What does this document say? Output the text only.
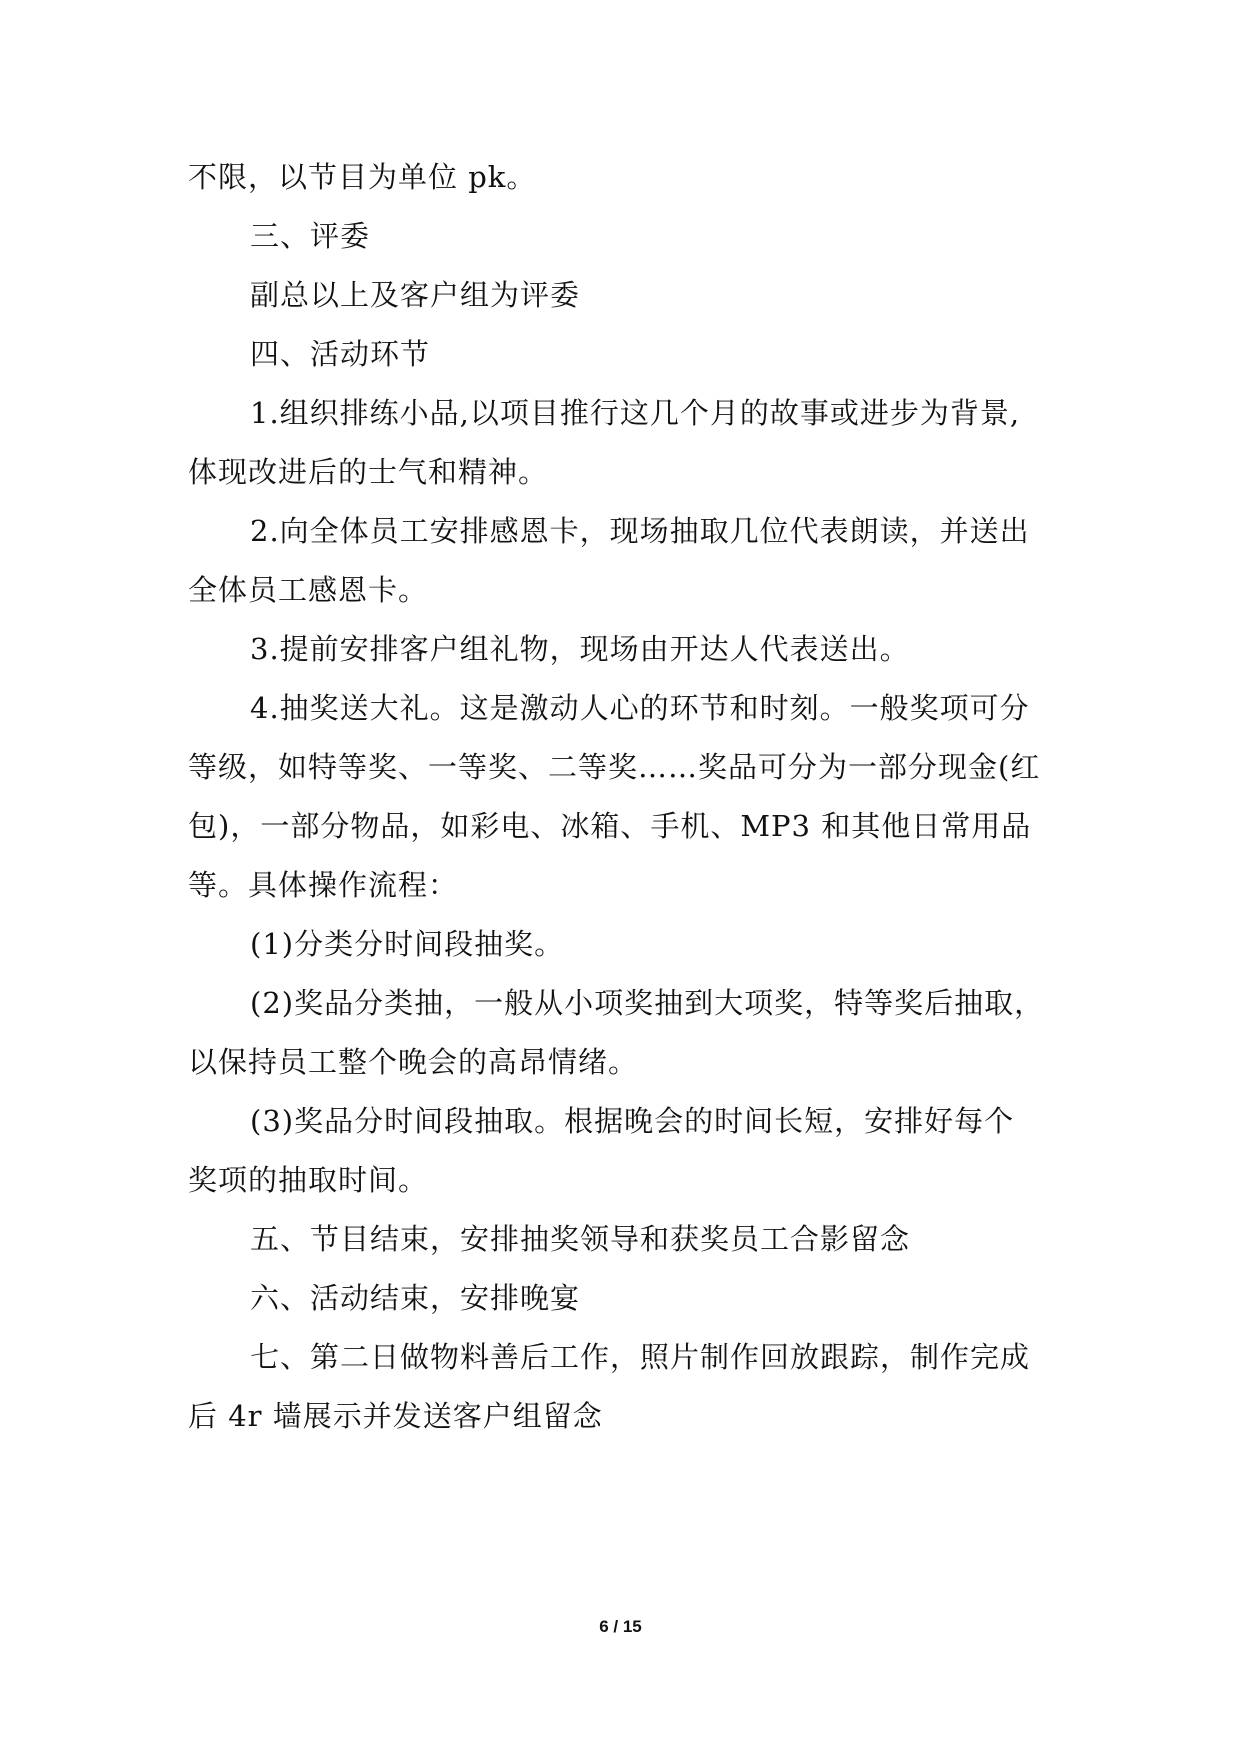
不限，以节目为单位 pk。
三、评委
副总以上及客户组为评委
四、活动环节
1.组织排练小品,以项目推行这几个月的故事或进步为背景,
体现改进后的士气和精神。
2.向全体员工安排感恩卡，现场抽取几位代表朗读，并送出
全体员工感恩卡。
3.提前安排客户组礼物，现场由开达人代表送出。
4.抽奖送大礼。这是激动人心的环节和时刻。一般奖项可分
等级，如特等奖、一等奖、二等奖……奖品可分为一部分现金(红
包)，一部分物品，如彩电、冰箱、手机、MP3 和其他日常用品
等。具体操作流程：
(1)分类分时间段抽奖。
(2)奖品分类抽，一般从小项奖抽到大项奖，特等奖后抽取，
以保持员工整个晚会的高昂情绪。
(3)奖品分时间段抽取。根据晚会的时间长短，安排好每个
奖项的抽取时间。
五、节目结束，安排抽奖领导和获奖员工合影留念
六、活动结束，安排晚宴
七、第二日做物料善后工作，照片制作回放跟踪，制作完成
后 4r 墙展示并发送客户组留念
6 / 15
